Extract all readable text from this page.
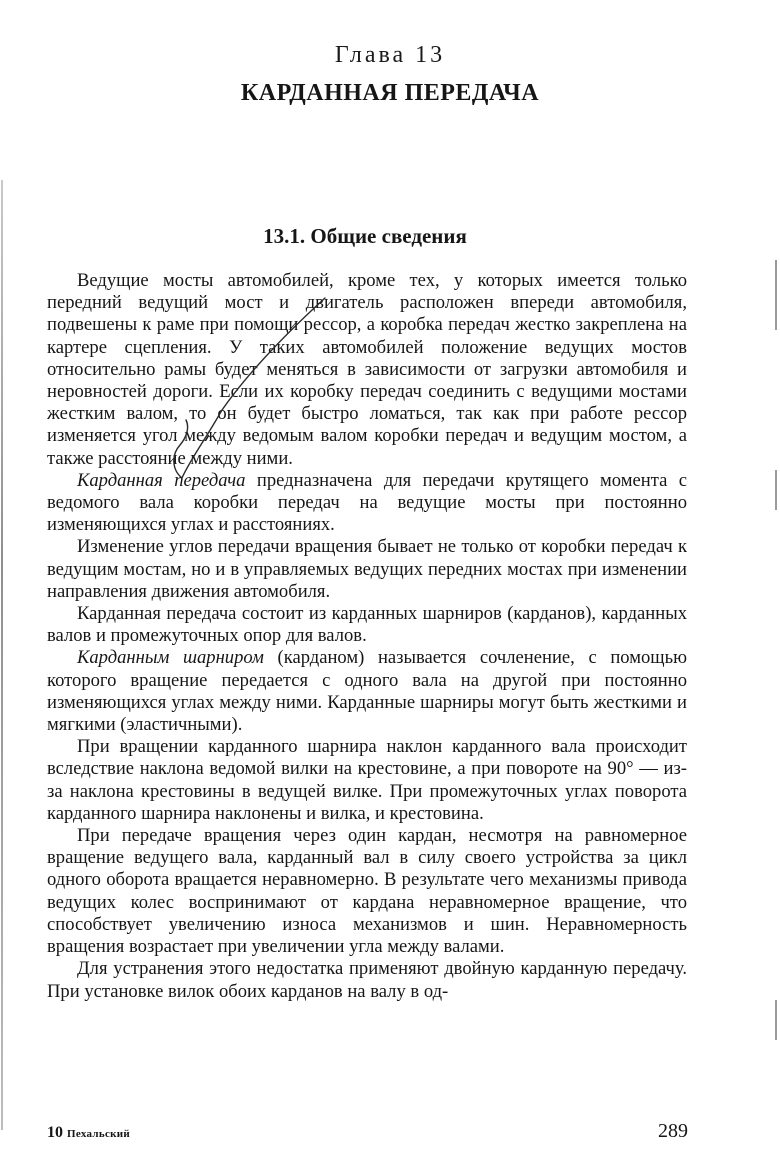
Глава 13
КАРДАННАЯ ПЕРЕДАЧА
13.1. Общие сведения

Ведущие мосты автомобилей, кроме тех, у которых имеется только передний ведущий мост и двигатель расположен впереди автомобиля, подвешены к раме при помощи рессор, а коробка передач жестко закреплена на картере сцепления. У таких автомобилей положение ведущих мостов относительно рамы будет меняться в зависимости от загрузки автомобиля и неровностей дороги. Если их коробку передач соединить с ведущими мостами жестким валом, то он будет быстро ломаться, так как при работе рессор изменяется угол между ведомым валом коробки передач и ведущим мостом, а также расстояние между ними.

Карданная передача предназначена для передачи крутящего момента с ведомого вала коробки передач на ведущие мосты при постоянно изменяющихся углах и расстояниях.

Изменение углов передачи вращения бывает не только от коробки передач к ведущим мостам, но и в управляемых ведущих передних мостах при изменении направления движения автомобиля.

Карданная передача состоит из карданных шарниров (карданов), карданных валов и промежуточных опор для валов.

Карданным шарниром (карданом) называется сочленение, с помощью которого вращение передается с одного вала на другой при постоянно изменяющихся углах между ними. Карданные шарниры могут быть жесткими и мягкими (эластичными).

При вращении карданного шарнира наклон карданного вала происходит вследствие наклона ведомой вилки на крестовине, а при повороте на 90° — из-за наклона крестовины в ведущей вилке. При промежуточных углах поворота карданного шарнира наклонены и вилка, и крестовина.

При передаче вращения через один кардан, несмотря на равномерное вращение ведущего вала, карданный вал в силу своего устройства за цикл одного оборота вращается неравномерно. В результате чего механизмы привода ведущих колес воспринимают от кардана неравномерное вращение, что способствует увеличению износа механизмов и шин. Неравномерность вращения возрастает при увеличении угла между валами.

Для устранения этого недостатка применяют двойную карданную передачу. При установке вилок обоих карданов на валу в од-

10 Пехальский	289
